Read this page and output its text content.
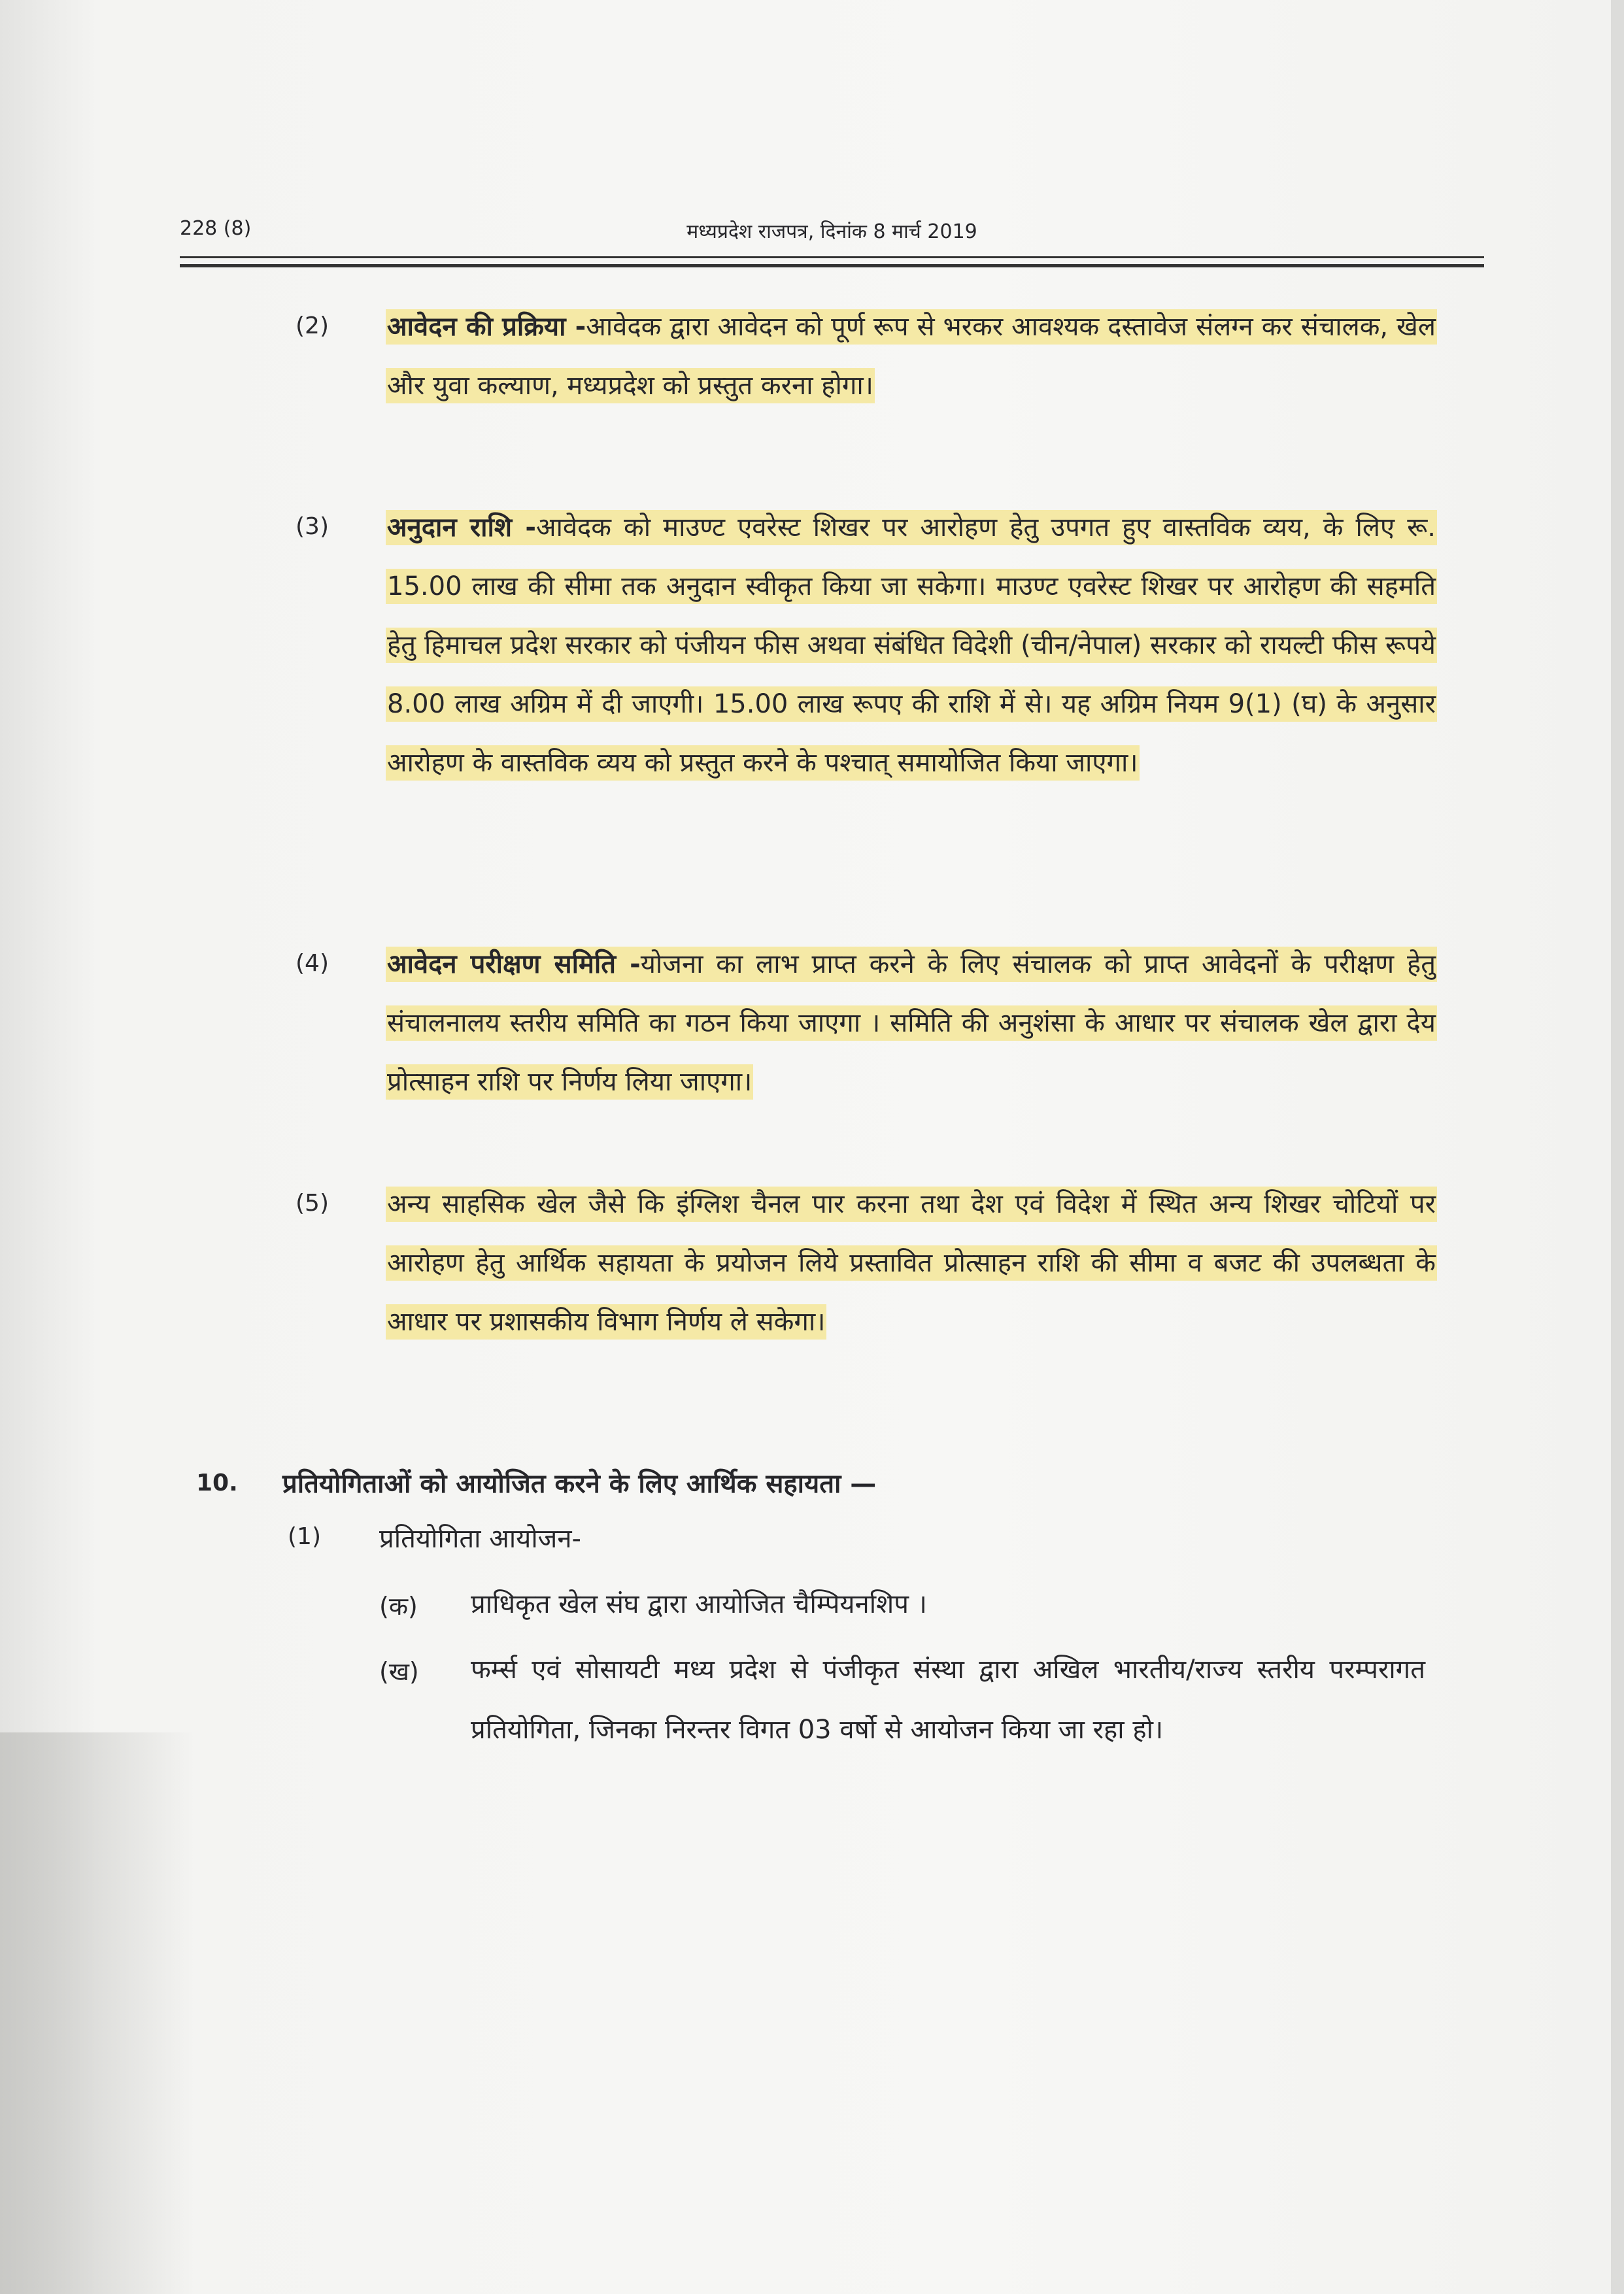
228 (8)	मध्यप्रदेश राजपत्र, दिनांक 8 मार्च 2019
(2) आवेदन की प्रक्रिया -आवेदक द्वारा आवेदन को पूर्ण रूप से भरकर आवश्यक दस्तावेज संलग्न कर संचालक, खेल और युवा कल्याण, मध्यप्रदेश को प्रस्तुत करना होगा।
(3) अनुदान राशि -आवेदक को माउण्ट एवरेस्ट शिखर पर आरोहण हेतु उपगत हुए वास्तविक व्यय, के लिए रू. 15.00 लाख की सीमा तक अनुदान स्वीकृत किया जा सकेगा। माउण्ट एवरेस्ट शिखर पर आरोहण की सहमति हेतु हिमाचल प्रदेश सरकार को पंजीयन फीस अथवा संबंधित विदेशी (चीन/नेपाल) सरकार को रायल्टी फीस रूपये 8.00 लाख अग्रिम में दी जाएगी। 15.00 लाख रूपए की राशि में से। यह अग्रिम नियम 9(1) (घ) के अनुसार आरोहण के वास्तविक व्यय को प्रस्तुत करने के पश्चात् समायोजित किया जाएगा।
(4) आवेदन परीक्षण समिति -योजना का लाभ प्राप्त करने के लिए संचालक को प्राप्त आवेदनों के परीक्षण हेतु संचालनालय स्तरीय समिति का गठन किया जाएगा । समिति की अनुशंसा के आधार पर संचालक खेल द्वारा देय प्रोत्साहन राशि पर निर्णय लिया जाएगा।
(5) अन्य साहसिक खेल जैसे कि इंग्लिश चैनल पार करना तथा देश एवं विदेश में स्थित अन्य शिखर चोटियों पर आरोहण हेतु आर्थिक सहायता के प्रयोजन लिये प्रस्तावित प्रोत्साहन राशि की सीमा व बजट की उपलब्धता के आधार पर प्रशासकीय विभाग निर्णय ले सकेगा।
10. प्रतियोगिताओं को आयोजित करने के लिए आर्थिक सहायता —
(1) प्रतियोगिता आयोजन-
(क) प्राधिकृत खेल संघ द्वारा आयोजित चैम्पियनशिप ।
(ख) फर्म्स एवं सोसायटी मध्य प्रदेश से पंजीकृत संस्था द्वारा अखिल भारतीय/राज्य स्तरीय परम्परागत प्रतियोगिता, जिनका निरन्तर विगत 03 वर्षो से आयोजन किया जा रहा हो।
